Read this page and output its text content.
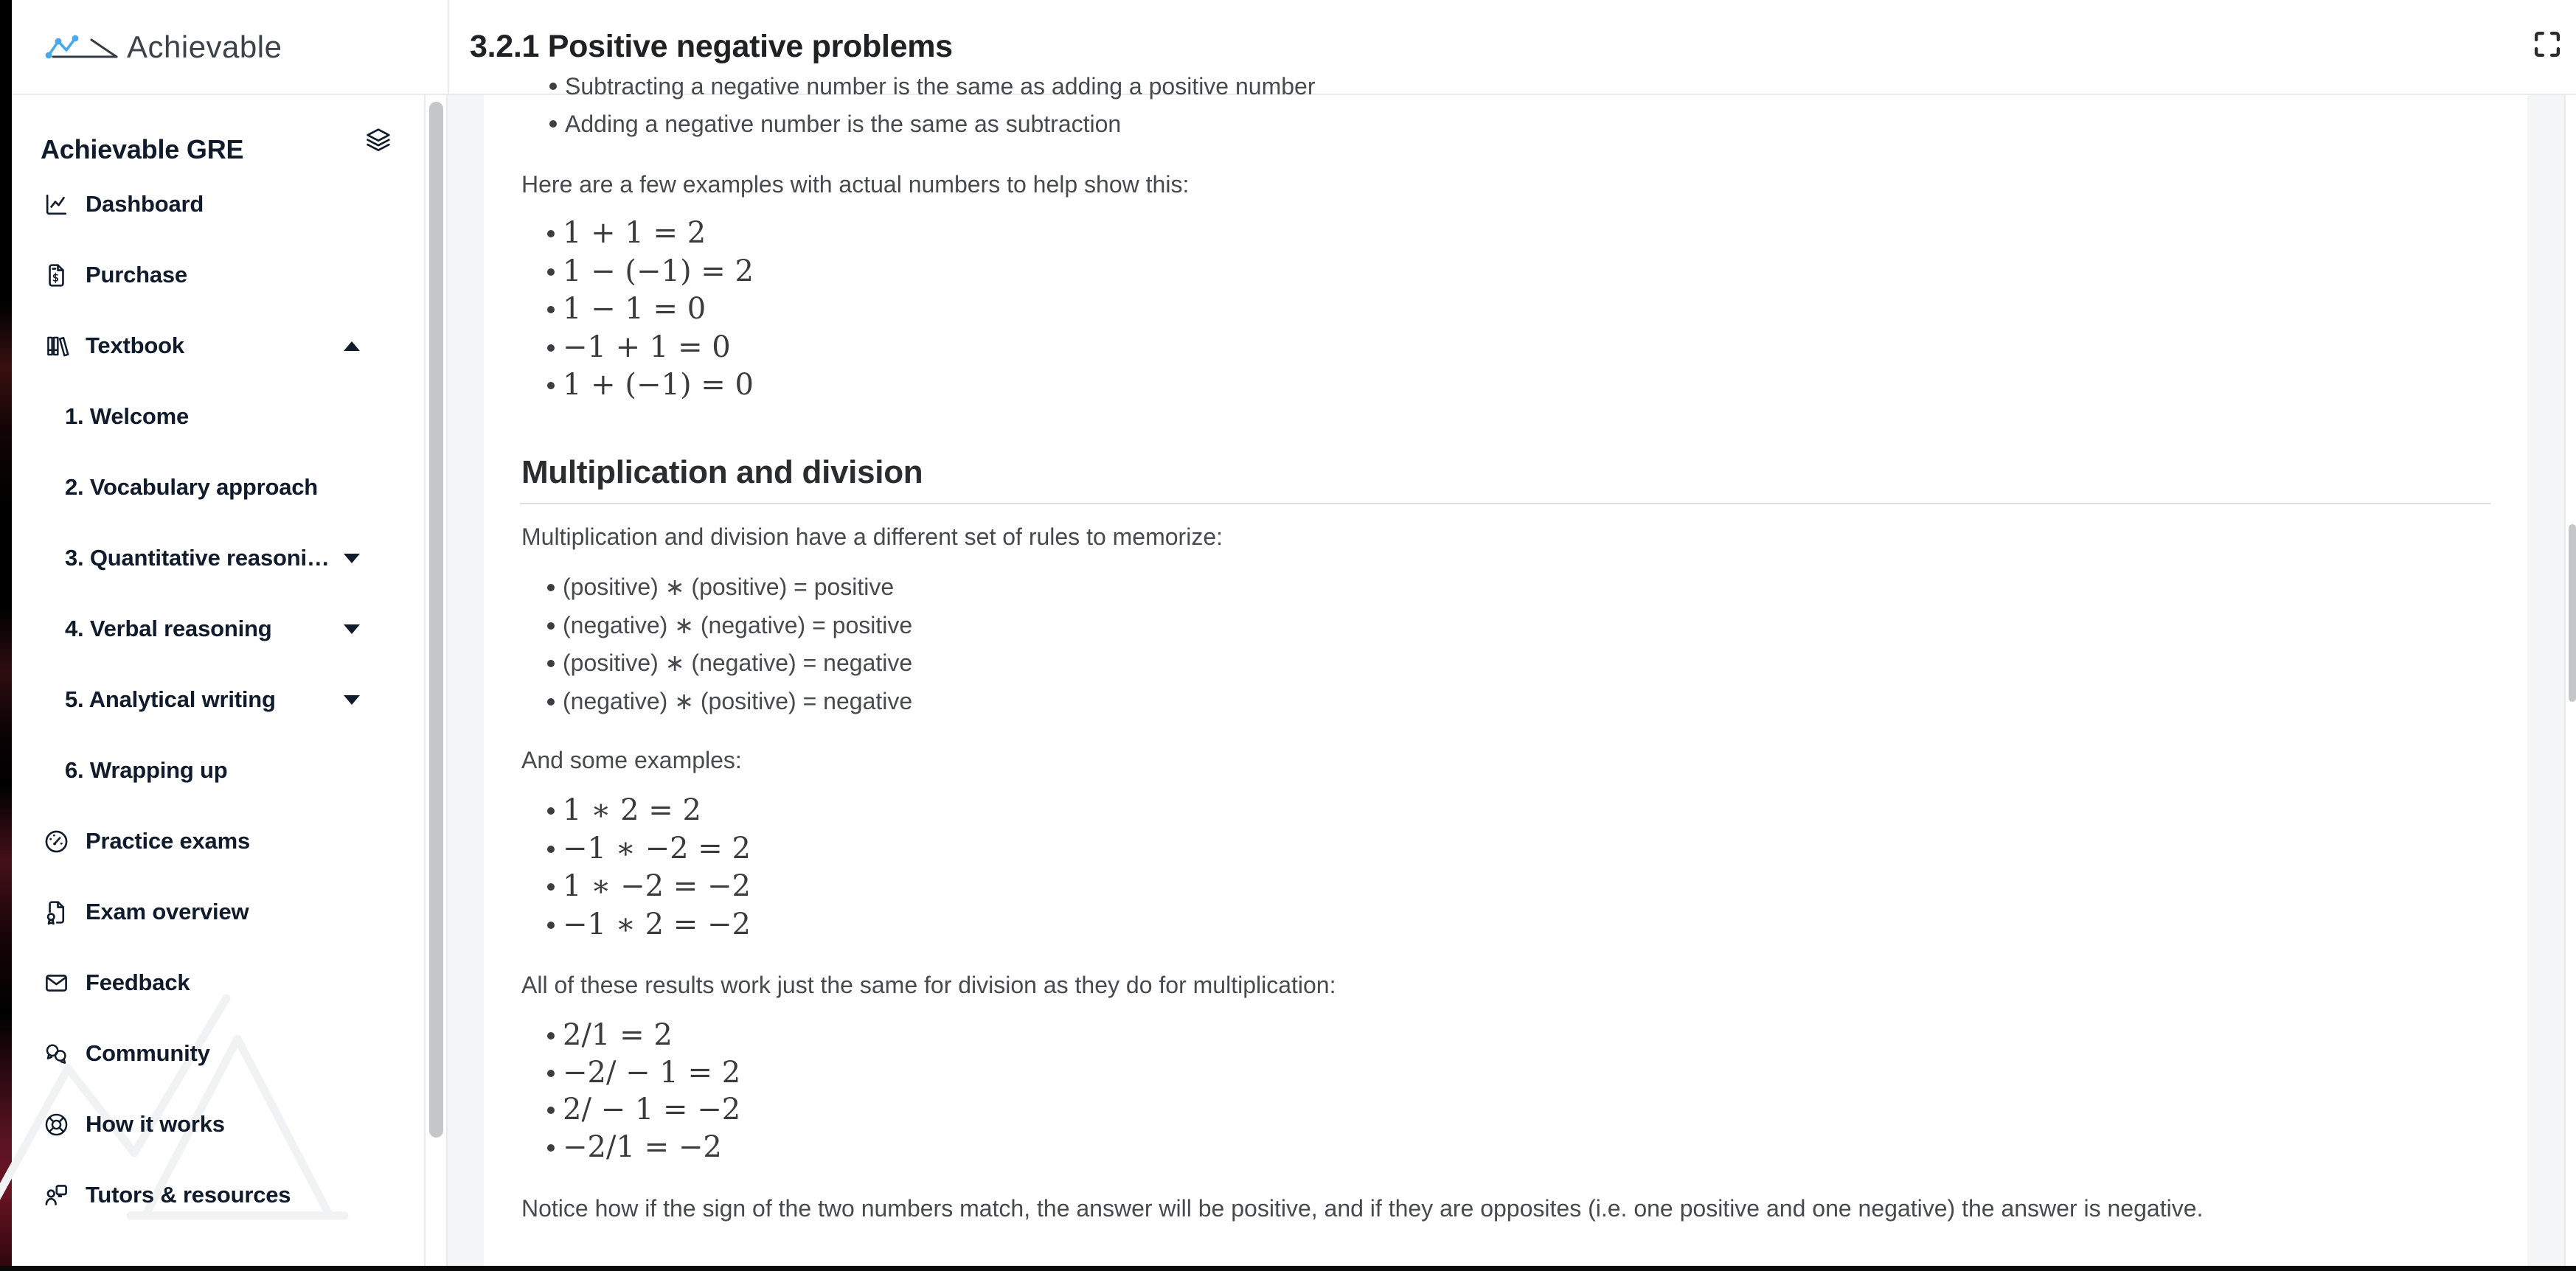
Achievable	3.2.1 Positive negative problems
Achievable GRE
Dashboard
$ Purchase
Textbook
1. Welcome
2. Vocabulary approach
3. Quantitative reasoni…
4. Verbal reasoning
5. Analytical writing
6. Wrapping up
Practice exams
Exam overview
Feedback
Community
How it works
Tutors & resources
Subtracting a negative number is the same as adding a positive number
Adding a negative number is the same as subtraction

Here are a few examples with actual numbers to help show this:

1 + 1 = 2
1 − (−1) = 2
1 − 1 = 0
−1 + 1 = 0
1 + (−1) = 0
Multiplication and division

Multiplication and division have a different set of rules to memorize:

(positive) ∗ (positive) = positive
(negative) ∗ (negative) = positive
(positive) ∗ (negative) = negative
(negative) ∗ (positive) = negative

And some examples:

1 ∗ 2 = 2
−1 ∗ −2 = 2
1 ∗ −2 = −2
−1 ∗ 2 = −2

All of these results work just the same for division as they do for multiplication:

2/1 = 2
−2/ − 1 = 2
2/ − 1 = −2
−2/1 = −2

Notice how if the sign of the two numbers match, the answer will be positive, and if they are opposites (i.e. one positive and one negative) the answer is negative.
